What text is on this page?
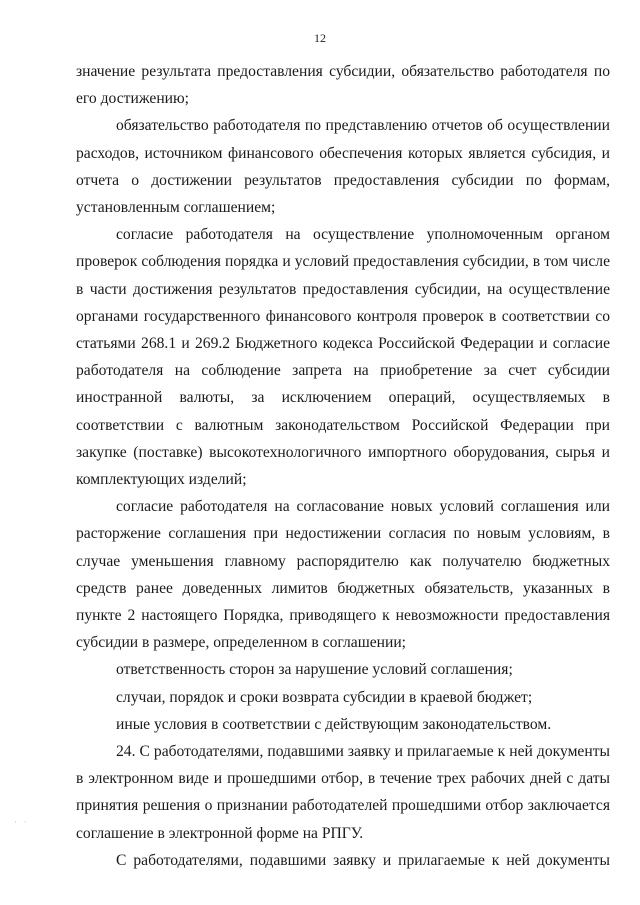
12

значение результата предоставления субсидии, обязательство работодателя по его достижению;

обязательство работодателя по представлению отчетов об осуществлении расходов, источником финансового обеспечения которых является субсидия, и отчета о достижении результатов предоставления субсидии по формам, установленным соглашением;

согласие работодателя на осуществление уполномоченным органом проверок соблюдения порядка и условий предоставления субсидии, в том числе в части достижения результатов предоставления субсидии, на осуществление органами государственного финансового контроля проверок в соответствии со статьями 268.1 и 269.2 Бюджетного кодекса Российской Федерации и согласие работодателя на соблюдение запрета на приобретение за счет субсидии иностранной валюты, за исключением операций, осуществляемых в соответствии с валютным законодательством Российской Федерации при закупке (поставке) высокотехнологичного импортного оборудования, сырья и комплектующих изделий;

согласие работодателя на согласование новых условий соглашения или расторжение соглашения при недостижении согласия по новым условиям, в случае уменьшения главному распорядителю как получателю бюджетных средств ранее доведенных лимитов бюджетных обязательств, указанных в пункте 2 настоящего Порядка, приводящего к невозможности предоставления субсидии в размере, определенном в соглашении;

ответственность сторон за нарушение условий соглашения;

случаи, порядок и сроки возврата субсидии в краевой бюджет;

иные условия в соответствии с действующим законодательством.

24. С работодателями, подавшими заявку и прилагаемые к ней документы в электронном виде и прошедшими отбор, в течение трех рабочих дней с даты принятия решения о признании работодателей прошедшими отбор заключается соглашение в электронной форме на РПГУ.

С работодателями, подавшими заявку и прилагаемые к ней документы

· ·
